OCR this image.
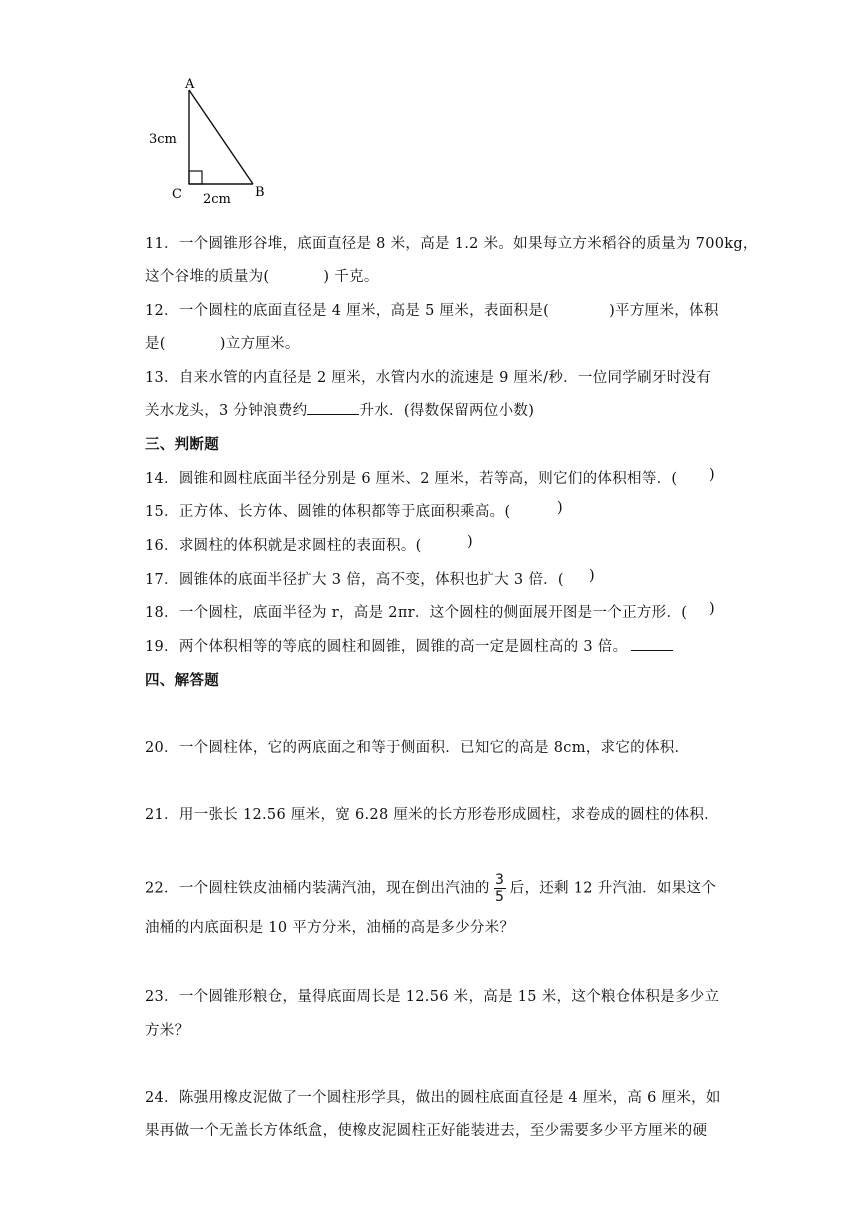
A
B
C
3cm
2cm
11．一个圆锥形谷堆，底面直径是 8 米，高是 1.2 米。如果每立方米稻谷的质量为 700kg，
这个谷堆的质量为(	) 千克。
12．一个圆柱的底面直径是 4 厘米，高是 5 厘米，表面积是(	)平方厘米，体积
是(	)立方厘米。
13．自来水管的内直径是 2 厘米，水管内水的流速是 9 厘米/秒．一位同学刷牙时没有
关水龙头，3 分钟浪费约	升水．(得数保留两位小数)
三、判断题
14．圆锥和圆柱底面半径分别是 6 厘米、2 厘米，若等高，则它们的体积相等．( )
15．正方体、长方体、圆锥的体积都等于底面积乘高。(	)
16．求圆柱的体积就是求圆柱的表面积。(	)
17．圆锥体的底面半径扩大 3 倍，高不变，体积也扩大 3 倍．( )
18．一个圆柱，底面半径为 r，高是 2πr．这个圆柱的侧面展开图是一个正方形．( )
19．两个体积相等的等底的圆柱和圆锥，圆锥的高一定是圆柱高的 3 倍。
四、解答题
20．一个圆柱体，它的两底面之和等于侧面积．已知它的高是 8cm，求它的体积．
21．用一张长 12.56 厘米，宽 6.28 厘米的长方形卷形成圆柱，求卷成的圆柱的体积．
22．一个圆柱铁皮油桶内装满汽油，现在倒出汽油的 $\frac{3}{5}$ 后，还剩 12 升汽油．如果这个
油桶的内底面积是 10 平方分米，油桶的高是多少分米？
23．一个圆锥形粮仓，量得底面周长是 12.56 米，高是 15 米，这个粮仓体积是多少立
方米？
24．陈强用橡皮泥做了一个圆柱形学具，做出的圆柱底面直径是 4 厘米，高 6 厘米，如
果再做一个无盖长方体纸盒，使橡皮泥圆柱正好能装进去，至少需要多少平方厘米的硬
